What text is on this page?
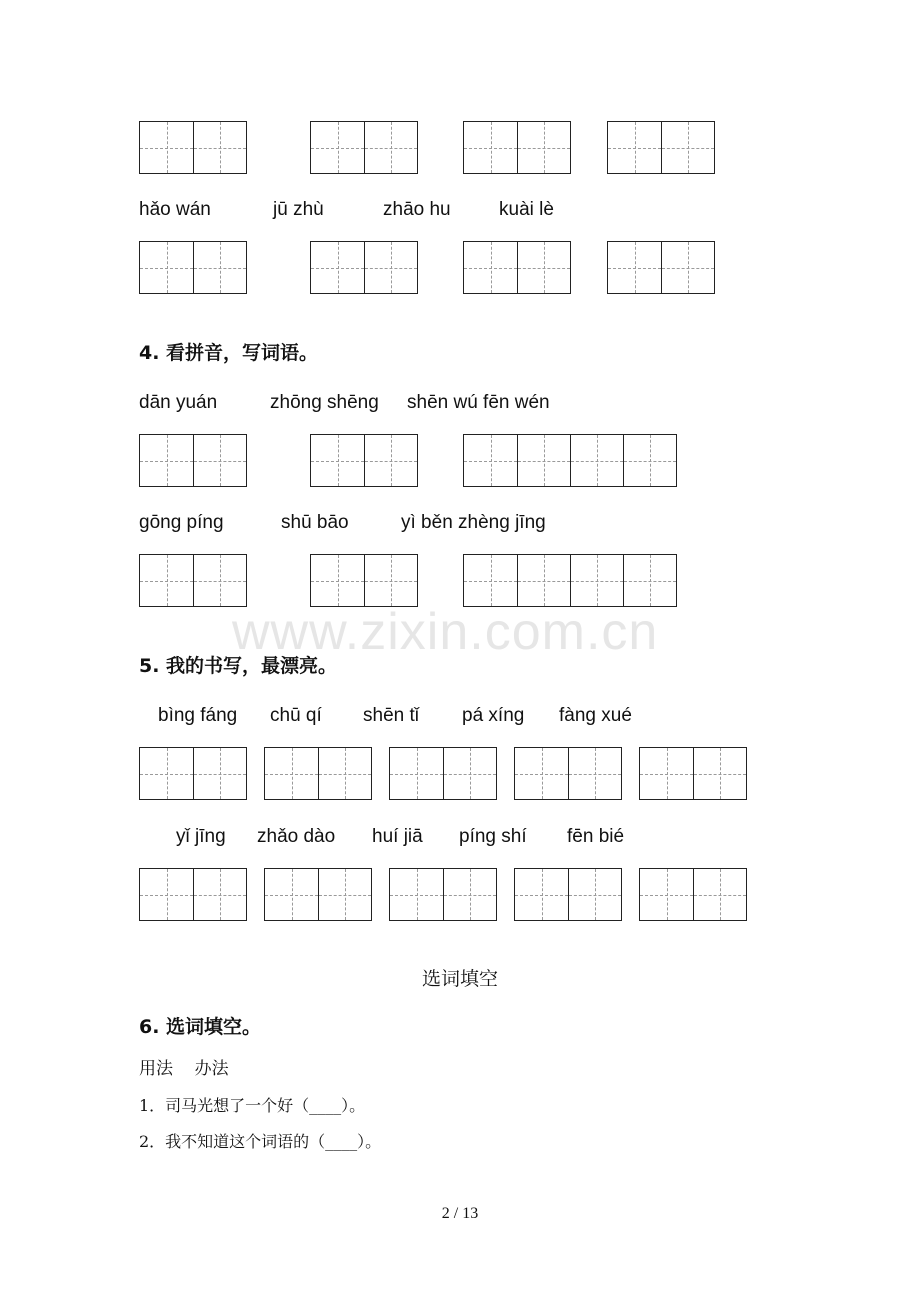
hǎo wán	jū zhù	zhāo hu	kuài lè
4. 看拼音，写词语。
dān yuán	zhōng shēng shēn wú fēn wén
gōng píng	shū bāo	yì běn zhèng jīng
www.zixin.com.cn
5. 我的书写，最漂亮。
bìng fáng chū qí shēn tǐ pá xíng fàng xué
yǐ jīng zhǎo dào huí jiā píng shí fēn bié
选词填空
6. 选词填空。
用法    办法
1．司马光想了一个好（____）。
2．我不知道这个词语的（____）。
2 / 13
